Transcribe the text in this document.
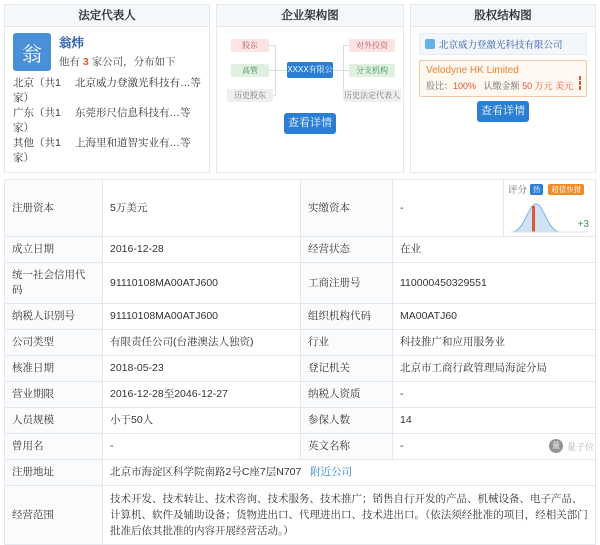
法定代表人
翁
翁炜
他有 3 家公司，分布如下
北京（共1家）
北京威力登激光科技有…等
广东（共1家）
东莞形尺信息科技有…等
其他（共1家）
上海里和道智实业有…等
企业架构图
股东
高管
历史股东
XXXX有限公司
对外投资
分支机构
历史法定代表人
查看详情
股权结构图
北京威力登激光科技有限公司
Velodyne HK Limited
股比：100% 认缴金额 50 万元 美元
查看详情
注册资本	5万美元	实缴资本	-	评分 热 超值快报
+3

成立日期	2016-12-28	经营状态	在业	
统一社会信用代码	91110108MA00ATJ600	工商注册号	110000450329551	
纳税人识别号	91110108MA00ATJ600	组织机构代码	MA00ATJ60	
公司类型	有限责任公司(台港澳法人独资)	行业	科技推广和应用服务业	
核准日期	2018-05-23	登记机关	北京市工商行政管理局海淀分局	
营业期限	2016-12-28至2046-12-27	纳税人资质	-	
人员规模	小于50人	参保人数	14	
曾用名	-	英文名称	-	
注册地址	北京市海淀区科学院南路2号C座7层N707 附近公司			
经营范围	技术开发、技术转让、技术咨询、技术服务、技术推广；销售自行开发的产品、机械设备、电子产品、计算机、软件及辅助设备；货物进出口、代理进出口、技术进出口。（依法须经批准的项目，经相关部门批准后依其批准的内容开展经营活动。）			
量 量子位
